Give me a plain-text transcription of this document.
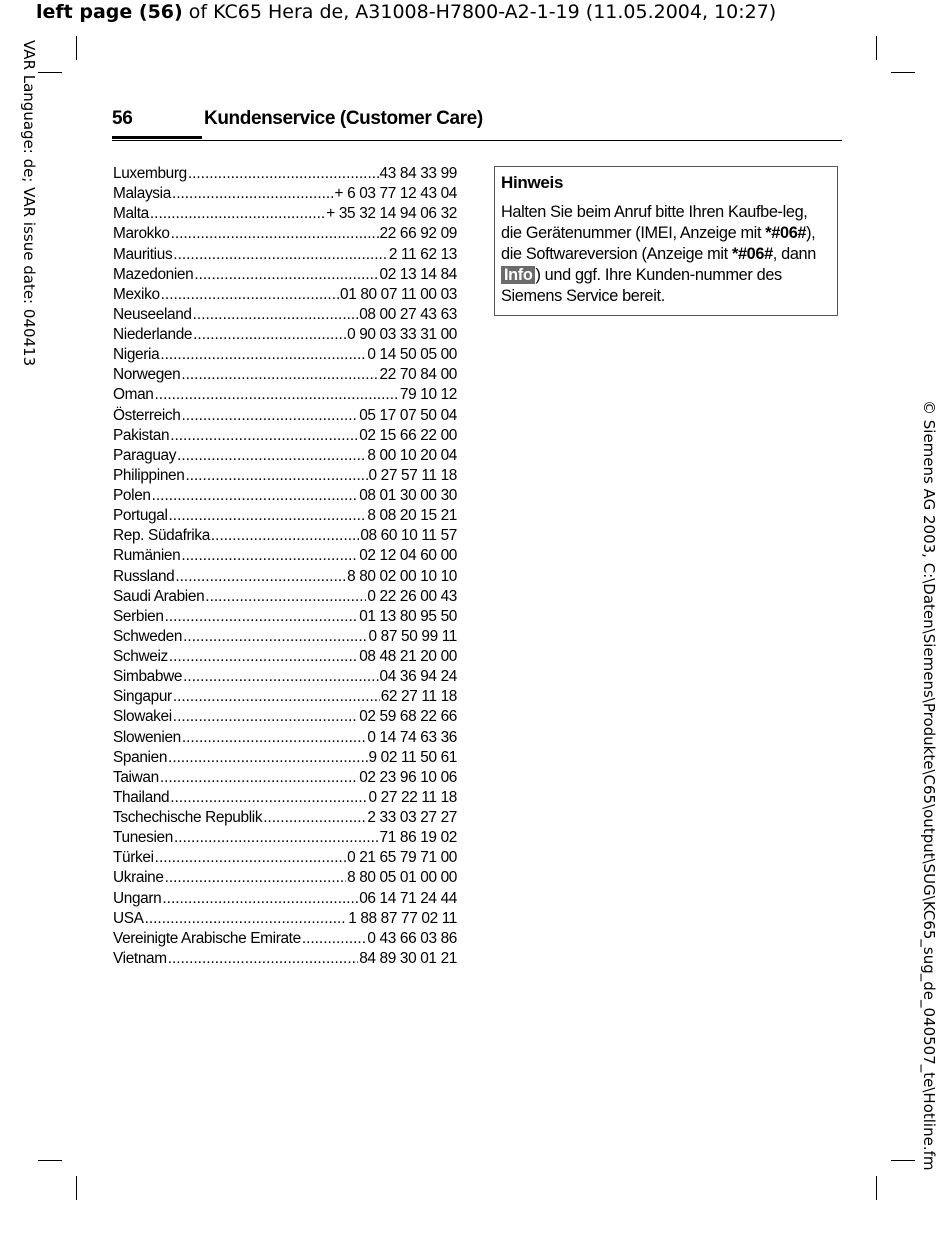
left page (56) of KC65 Hera de, A31008-H7800-A2-1-19 (11.05.2004, 10:27)
VAR Language: de; VAR issue date: 040413
© Siemens AG 2003, C:\Daten\Siemens\Produkte\C65\output\SUG\KC65_sug_de_040507_te\Hotline.fm
56	Kundenservice (Customer Care)
Luxemburg .....	43 84 33 99
Malaysia .....	+ 6 03 77 12 43 04
Malta .....	+ 35 32 14 94 06 32
Marokko .....	22 66 92 09
Mauritius .....	2 11 62 13
Mazedonien .....	02 13 14 84
Mexiko .....	01 80 07 11 00 03
Neuseeland .....	08 00 27 43 63
Niederlande .....	0 90 03 33 31 00
Nigeria .....	0 14 50 05 00
Norwegen .....	22 70 84 00
Oman .....	79 10 12
Österreich .....	05 17 07 50 04
Pakistan .....	02 15 66 22 00
Paraguay .....	8 00 10 20 04
Philippinen .....	0 27 57 11 18
Polen .....	08 01 30 00 30
Portugal .....	8 08 20 15 21
Rep. Südafrika .....	08 60 10 11 57
Rumänien .....	02 12 04 60 00
Russland .....	8 80 02 00 10 10
Saudi Arabien .....	0 22 26 00 43
Serbien .....	01 13 80 95 50
Schweden .....	0 87 50 99 11
Schweiz .....	08 48 21 20 00
Simbabwe .....	04 36 94 24
Singapur .....	62 27 11 18
Slowakei .....	02 59 68 22 66
Slowenien .....	0 14 74 63 36
Spanien .....	9 02 11 50 61
Taiwan .....	02 23 96 10 06
Thailand .....	0 27 22 11 18
Tschechische Republik .....	2 33 03 27 27
Tunesien .....	71 86 19 02
Türkei .....	0 21 65 79 71 00
Ukraine .....	8 80 05 01 00 00
Ungarn .....	06 14 71 24 44
USA .....	1 88 87 77 02 11
Vereinigte Arabische Emirate .....	0 43 66 03 86
Vietnam .....	84 89 30 01 21
Hinweis
Halten Sie beim Anruf bitte Ihren Kaufbe-leg, die Gerätenummer (IMEI, Anzeige mit *#06#), die Softwareversion (Anzeige mit *#06#, dann Info ) und ggf. Ihre Kunden-nummer des Siemens Service bereit.
